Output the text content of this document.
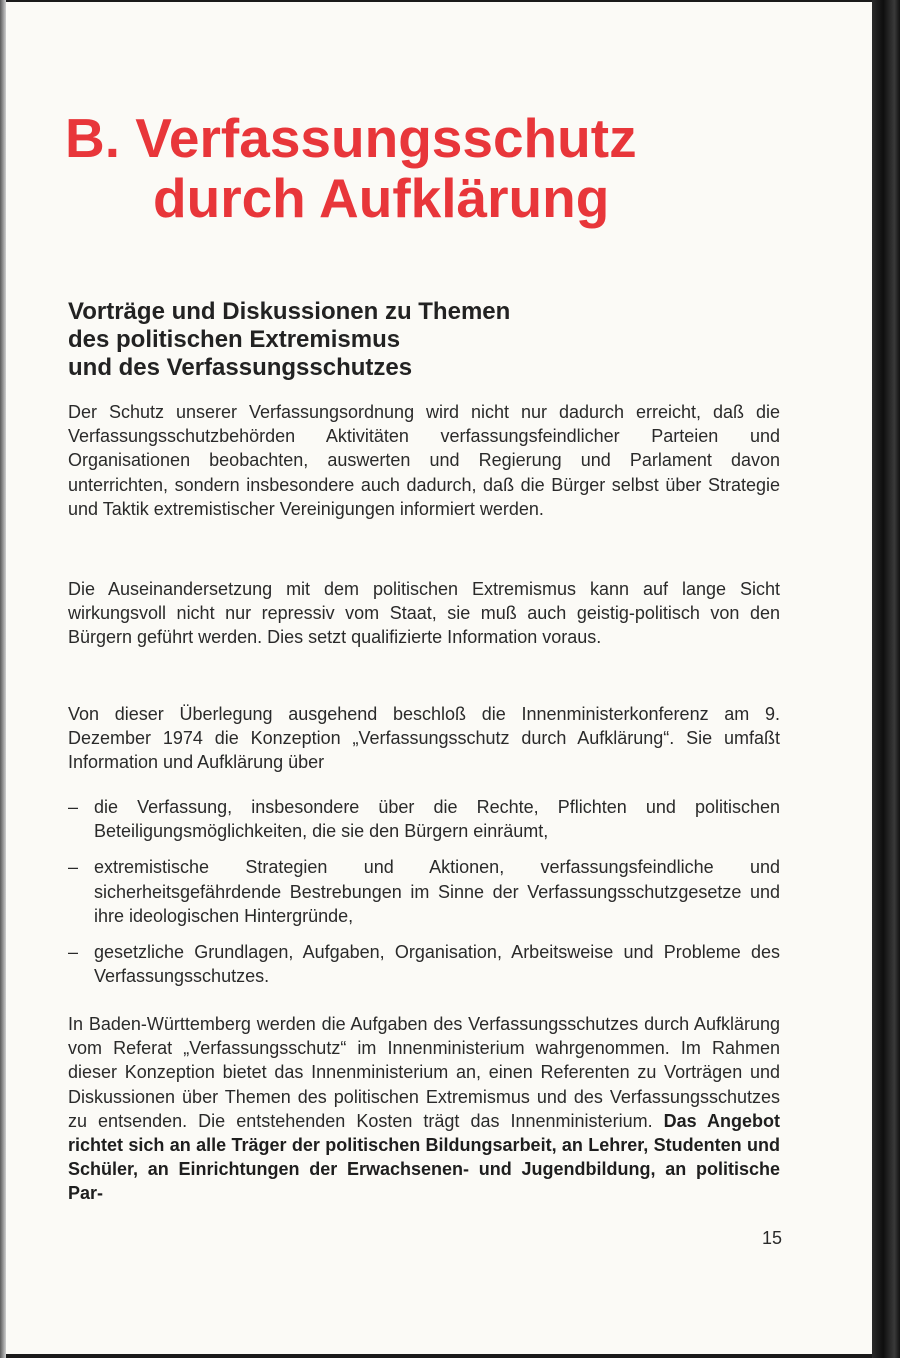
B. Verfassungsschutz
durch Aufklärung
Vorträge und Diskussionen zu Themen
des politischen Extremismus
und des Verfassungsschutzes

Der Schutz unserer Verfassungsordnung wird nicht nur dadurch erreicht, daß die Verfassungsschutzbehörden Aktivitäten verfassungsfeindlicher Parteien und Organisationen beobachten, auswerten und Regierung und Parlament davon unterrichten, sondern insbesondere auch dadurch, daß die Bürger selbst über Strategie und Taktik extremistischer Vereinigungen informiert werden.

Die Auseinandersetzung mit dem politischen Extremismus kann auf lange Sicht wirkungsvoll nicht nur repressiv vom Staat, sie muß auch geistig-politisch von den Bürgern geführt werden. Dies setzt qualifizierte Information voraus.

Von dieser Überlegung ausgehend beschloß die Innenministerkonferenz am 9. Dezember 1974 die Konzeption „Verfassungsschutz durch Aufklärung“. Sie umfaßt Information und Aufklärung über

– die Verfassung, insbesondere über die Rechte, Pflichten und politischen Beteiligungsmöglichkeiten, die sie den Bürgern einräumt,
– extremistische Strategien und Aktionen, verfassungsfeindliche und sicherheitsgefährdende Bestrebungen im Sinne der Verfassungsschutzgesetze und ihre ideologischen Hintergründe,
– gesetzliche Grundlagen, Aufgaben, Organisation, Arbeitsweise und Probleme des Verfassungsschutzes.

In Baden-Württemberg werden die Aufgaben des Verfassungsschutzes durch Aufklärung vom Referat „Verfassungsschutz“ im Innenministerium wahrgenommen. Im Rahmen dieser Konzeption bietet das Innenministerium an, einen Referenten zu Vorträgen und Diskussionen über Themen des politischen Extremismus und des Verfassungsschutzes zu entsenden. Die entstehenden Kosten trägt das Innenministerium. Das Angebot richtet sich an alle Träger der politischen Bildungsarbeit, an Lehrer, Studenten und Schüler, an Einrichtungen der Erwachsenen- und Jugendbildung, an politische Par-

15
